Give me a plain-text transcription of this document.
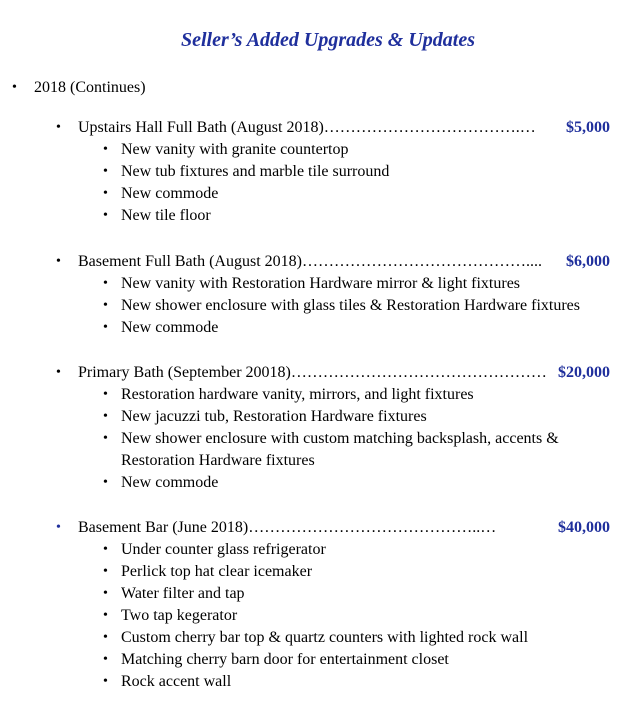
Seller’s Added Upgrades & Updates
• 2018 (Continues)
• Upstairs Hall Full Bath (August 2018)……………………………….…	$5,000
• New vanity with granite countertop
• New tub fixtures and marble tile surround
• New commode
• New tile floor
• Basement Full Bath (August 2018)……………………………………....	$6,000
• New vanity with Restoration Hardware mirror & light fixtures
• New shower enclosure with glass tiles & Restoration Hardware fixtures
• New commode
• Primary Bath (September 20018)………………………………………… $20,000
• Restoration hardware vanity, mirrors, and light fixtures
• New jacuzzi tub, Restoration Hardware fixtures
• New shower enclosure with custom matching backsplash, accents & Restoration Hardware fixtures
• New commode
• Basement Bar (June 2018)……………………………………..…	$40,000
• Under counter glass refrigerator
• Perlick top hat clear icemaker
• Water filter and tap
• Two tap kegerator
• Custom cherry bar top & quartz counters with lighted rock wall
• Matching cherry barn door for entertainment closet
• Rock accent wall
